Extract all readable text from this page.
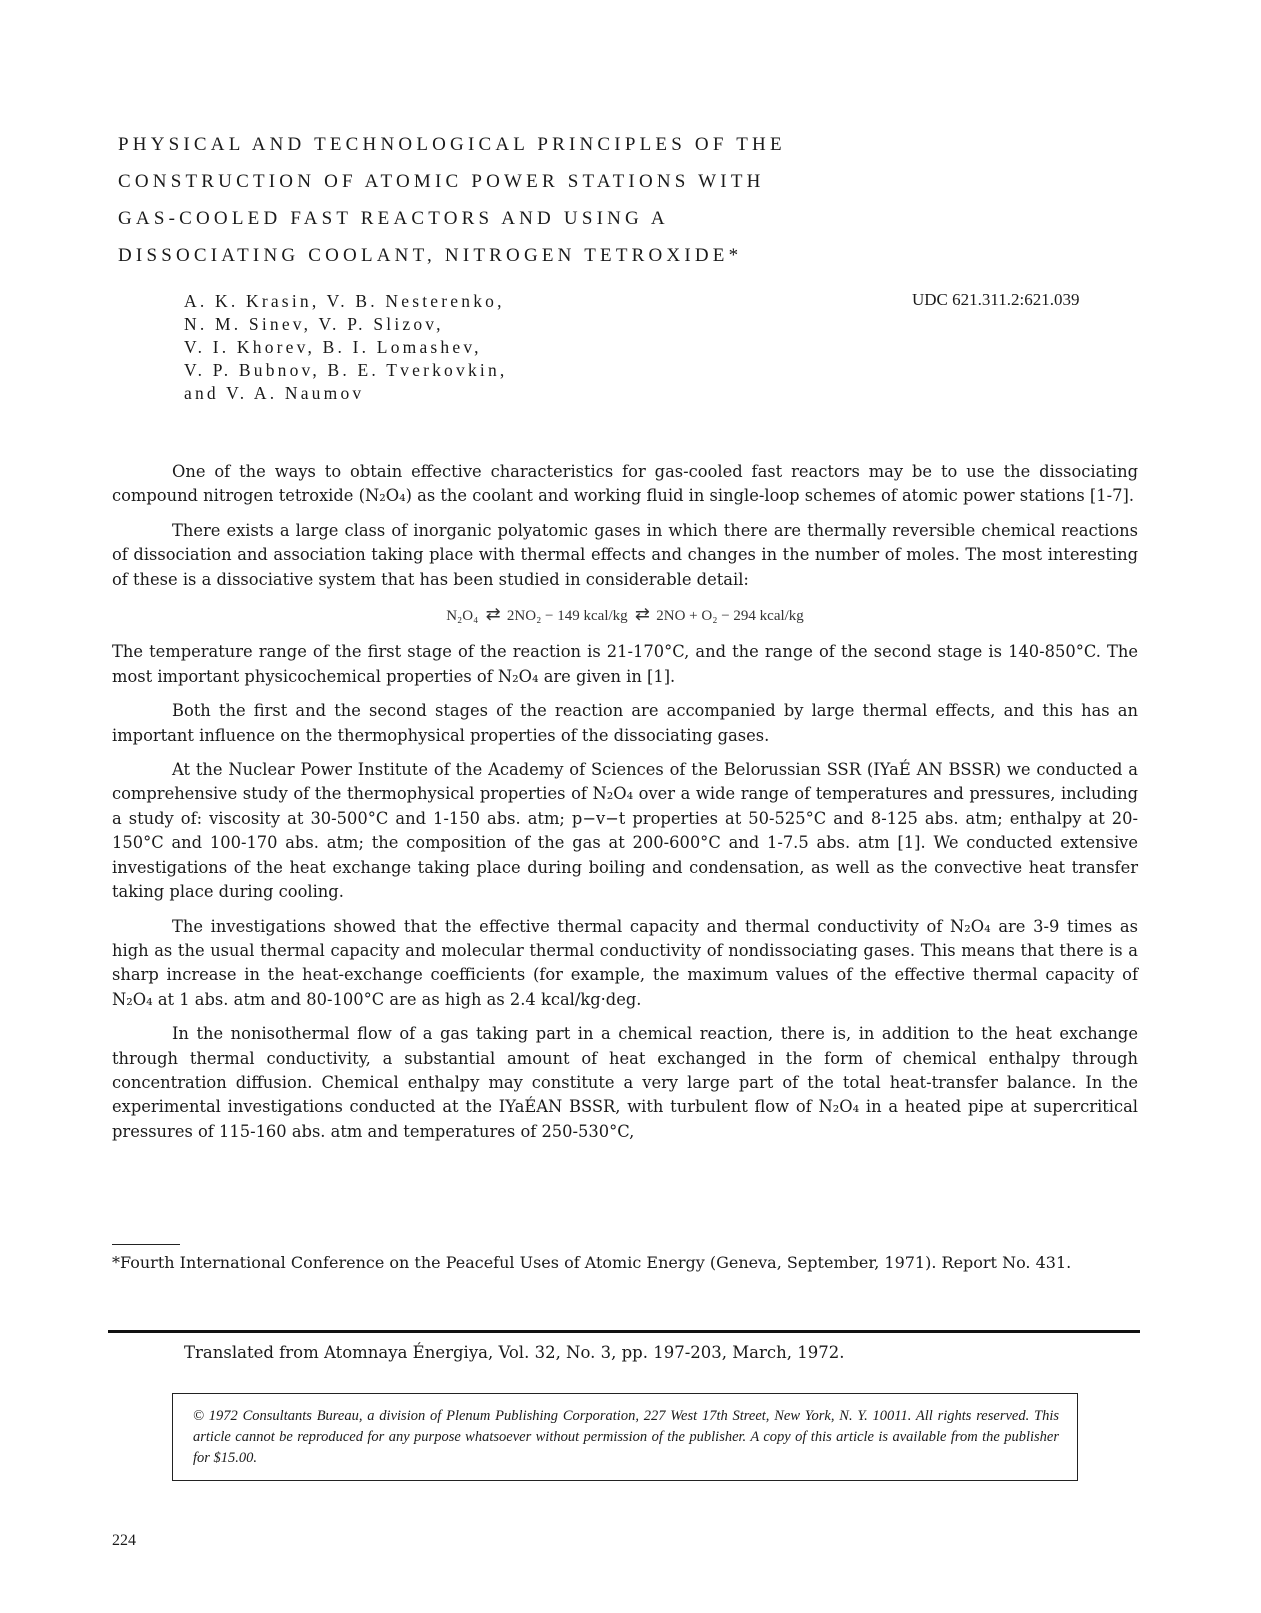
PHYSICAL AND TECHNOLOGICAL PRINCIPLES OF THE
CONSTRUCTION OF ATOMIC POWER STATIONS WITH
GAS-COOLED FAST REACTORS AND USING A
DISSOCIATING COOLANT, NITROGEN TETROXIDE*
A. K. Krasin, V. B. Nesterenko,
N. M. Sinev, V. P. Slizov,
V. I. Khorev, B. I. Lomashev,
V. P. Bubnov, B. E. Tverkovkin,
and V. A. Naumov
UDC 621.311.2:621.039

One of the ways to obtain effective characteristics for gas-cooled fast reactors may be to use the dissociating compound nitrogen tetroxide (N₂O₄) as the coolant and working fluid in single-loop schemes of atomic power stations [1-7].

There exists a large class of inorganic polyatomic gases in which there are thermally reversible chemical reactions of dissociation and association taking place with thermal effects and changes in the number of moles. The most interesting of these is a dissociative system that has been studied in considerable detail:

N₂O₄  ⇄  2NO₂ − 149 kcal/kg  ⇄  2NO + O₂ − 294 kcal/kg

The temperature range of the first stage of the reaction is 21-170°C, and the range of the second stage is 140-850°C. The most important physicochemical properties of N₂O₄ are given in [1].

Both the first and the second stages of the reaction are accompanied by large thermal effects, and this has an important influence on the thermophysical properties of the dissociating gases.

At the Nuclear Power Institute of the Academy of Sciences of the Belorussian SSR (IYaÉ AN BSSR) we conducted a comprehensive study of the thermophysical properties of N₂O₄ over a wide range of temperatures and pressures, including a study of: viscosity at 30-500°C and 1-150 abs. atm; p−v−t properties at 50-525°C and 8-125 abs. atm; enthalpy at 20-150°C and 100-170 abs. atm; the composition of the gas at 200-600°C and 1-7.5 abs. atm [1]. We conducted extensive investigations of the heat exchange taking place during boiling and condensation, as well as the convective heat transfer taking place during cooling.

The investigations showed that the effective thermal capacity and thermal conductivity of N₂O₄ are 3-9 times as high as the usual thermal capacity and molecular thermal conductivity of nondissociating gases. This means that there is a sharp increase in the heat-exchange coefficients (for example, the maximum values of the effective thermal capacity of N₂O₄ at 1 abs. atm and 80-100°C are as high as 2.4 kcal/kg·deg.

In the nonisothermal flow of a gas taking part in a chemical reaction, there is, in addition to the heat exchange through thermal conductivity, a substantial amount of heat exchanged in the form of chemical enthalpy through concentration diffusion. Chemical enthalpy may constitute a very large part of the total heat-transfer balance. In the experimental investigations conducted at the IYaÉAN BSSR, with turbulent flow of N₂O₄ in a heated pipe at supercritical pressures of 115-160 abs. atm and temperatures of 250-530°C,

*Fourth International Conference on the Peaceful Uses of Atomic Energy (Geneva, September, 1971). Report No. 431.
Translated from Atomnaya Énergiya, Vol. 32, No. 3, pp. 197-203, March, 1972.
© 1972 Consultants Bureau, a division of Plenum Publishing Corporation, 227 West 17th Street, New York, N. Y. 10011. All rights reserved. This article cannot be reproduced for any purpose whatsoever without permission of the publisher. A copy of this article is available from the publisher for $15.00.
224
